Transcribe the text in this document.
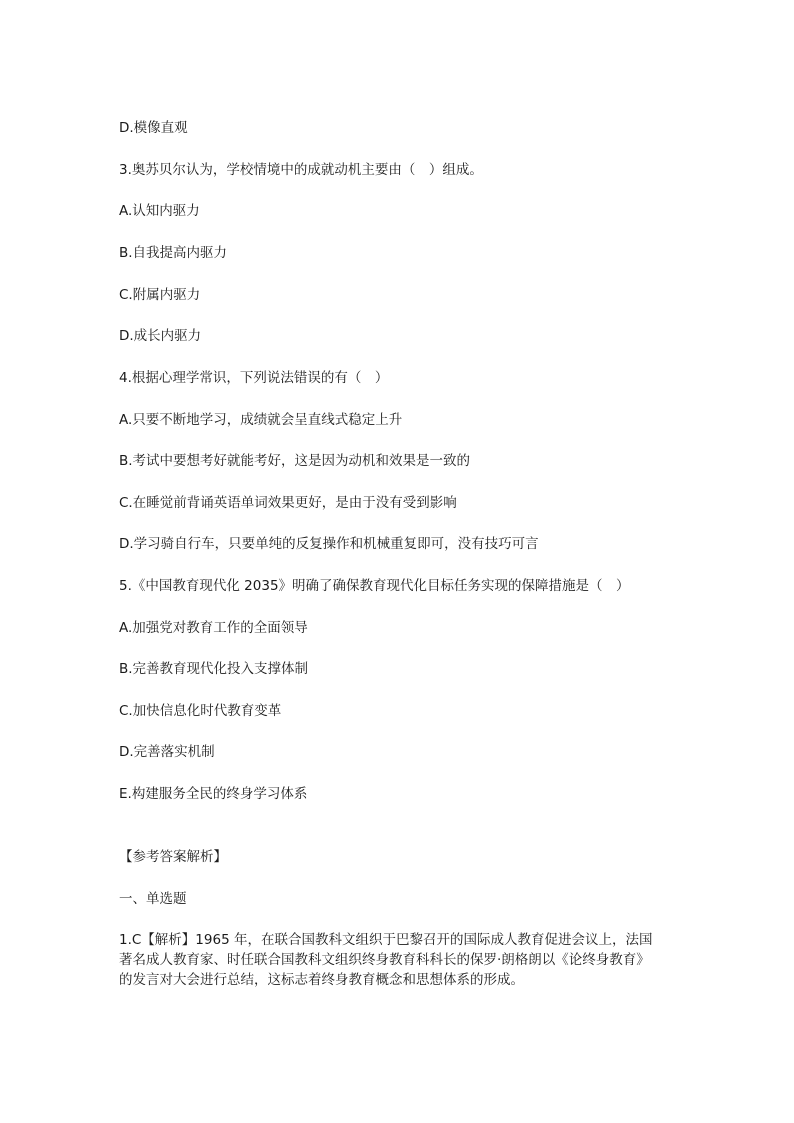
D.模像直观
3.奥苏贝尔认为，学校情境中的成就动机主要由（　）组成。
A.认知内驱力
B.自我提高内驱力
C.附属内驱力
D.成长内驱力
4.根据心理学常识，下列说法错误的有（　）
A.只要不断地学习，成绩就会呈直线式稳定上升
B.考试中要想考好就能考好，这是因为动机和效果是一致的
C.在睡觉前背诵英语单词效果更好，是由于没有受到影响
D.学习骑自行车，只要单纯的反复操作和机械重复即可，没有技巧可言
5.《中国教育现代化 2035》明确了确保教育现代化目标任务实现的保障措施是（　）
A.加强党对教育工作的全面领导
B.完善教育现代化投入支撑体制
C.加快信息化时代教育变革
D.完善落实机制
E.构建服务全民的终身学习体系
【参考答案解析】
一、单选题
1.C【解析】1965 年，在联合国教科文组织于巴黎召开的国际成人教育促进会议上，法国
著名成人教育家、时任联合国教科文组织终身教育科科长的保罗·朗格朗以《论终身教育》
的发言对大会进行总结，这标志着终身教育概念和思想体系的形成。
